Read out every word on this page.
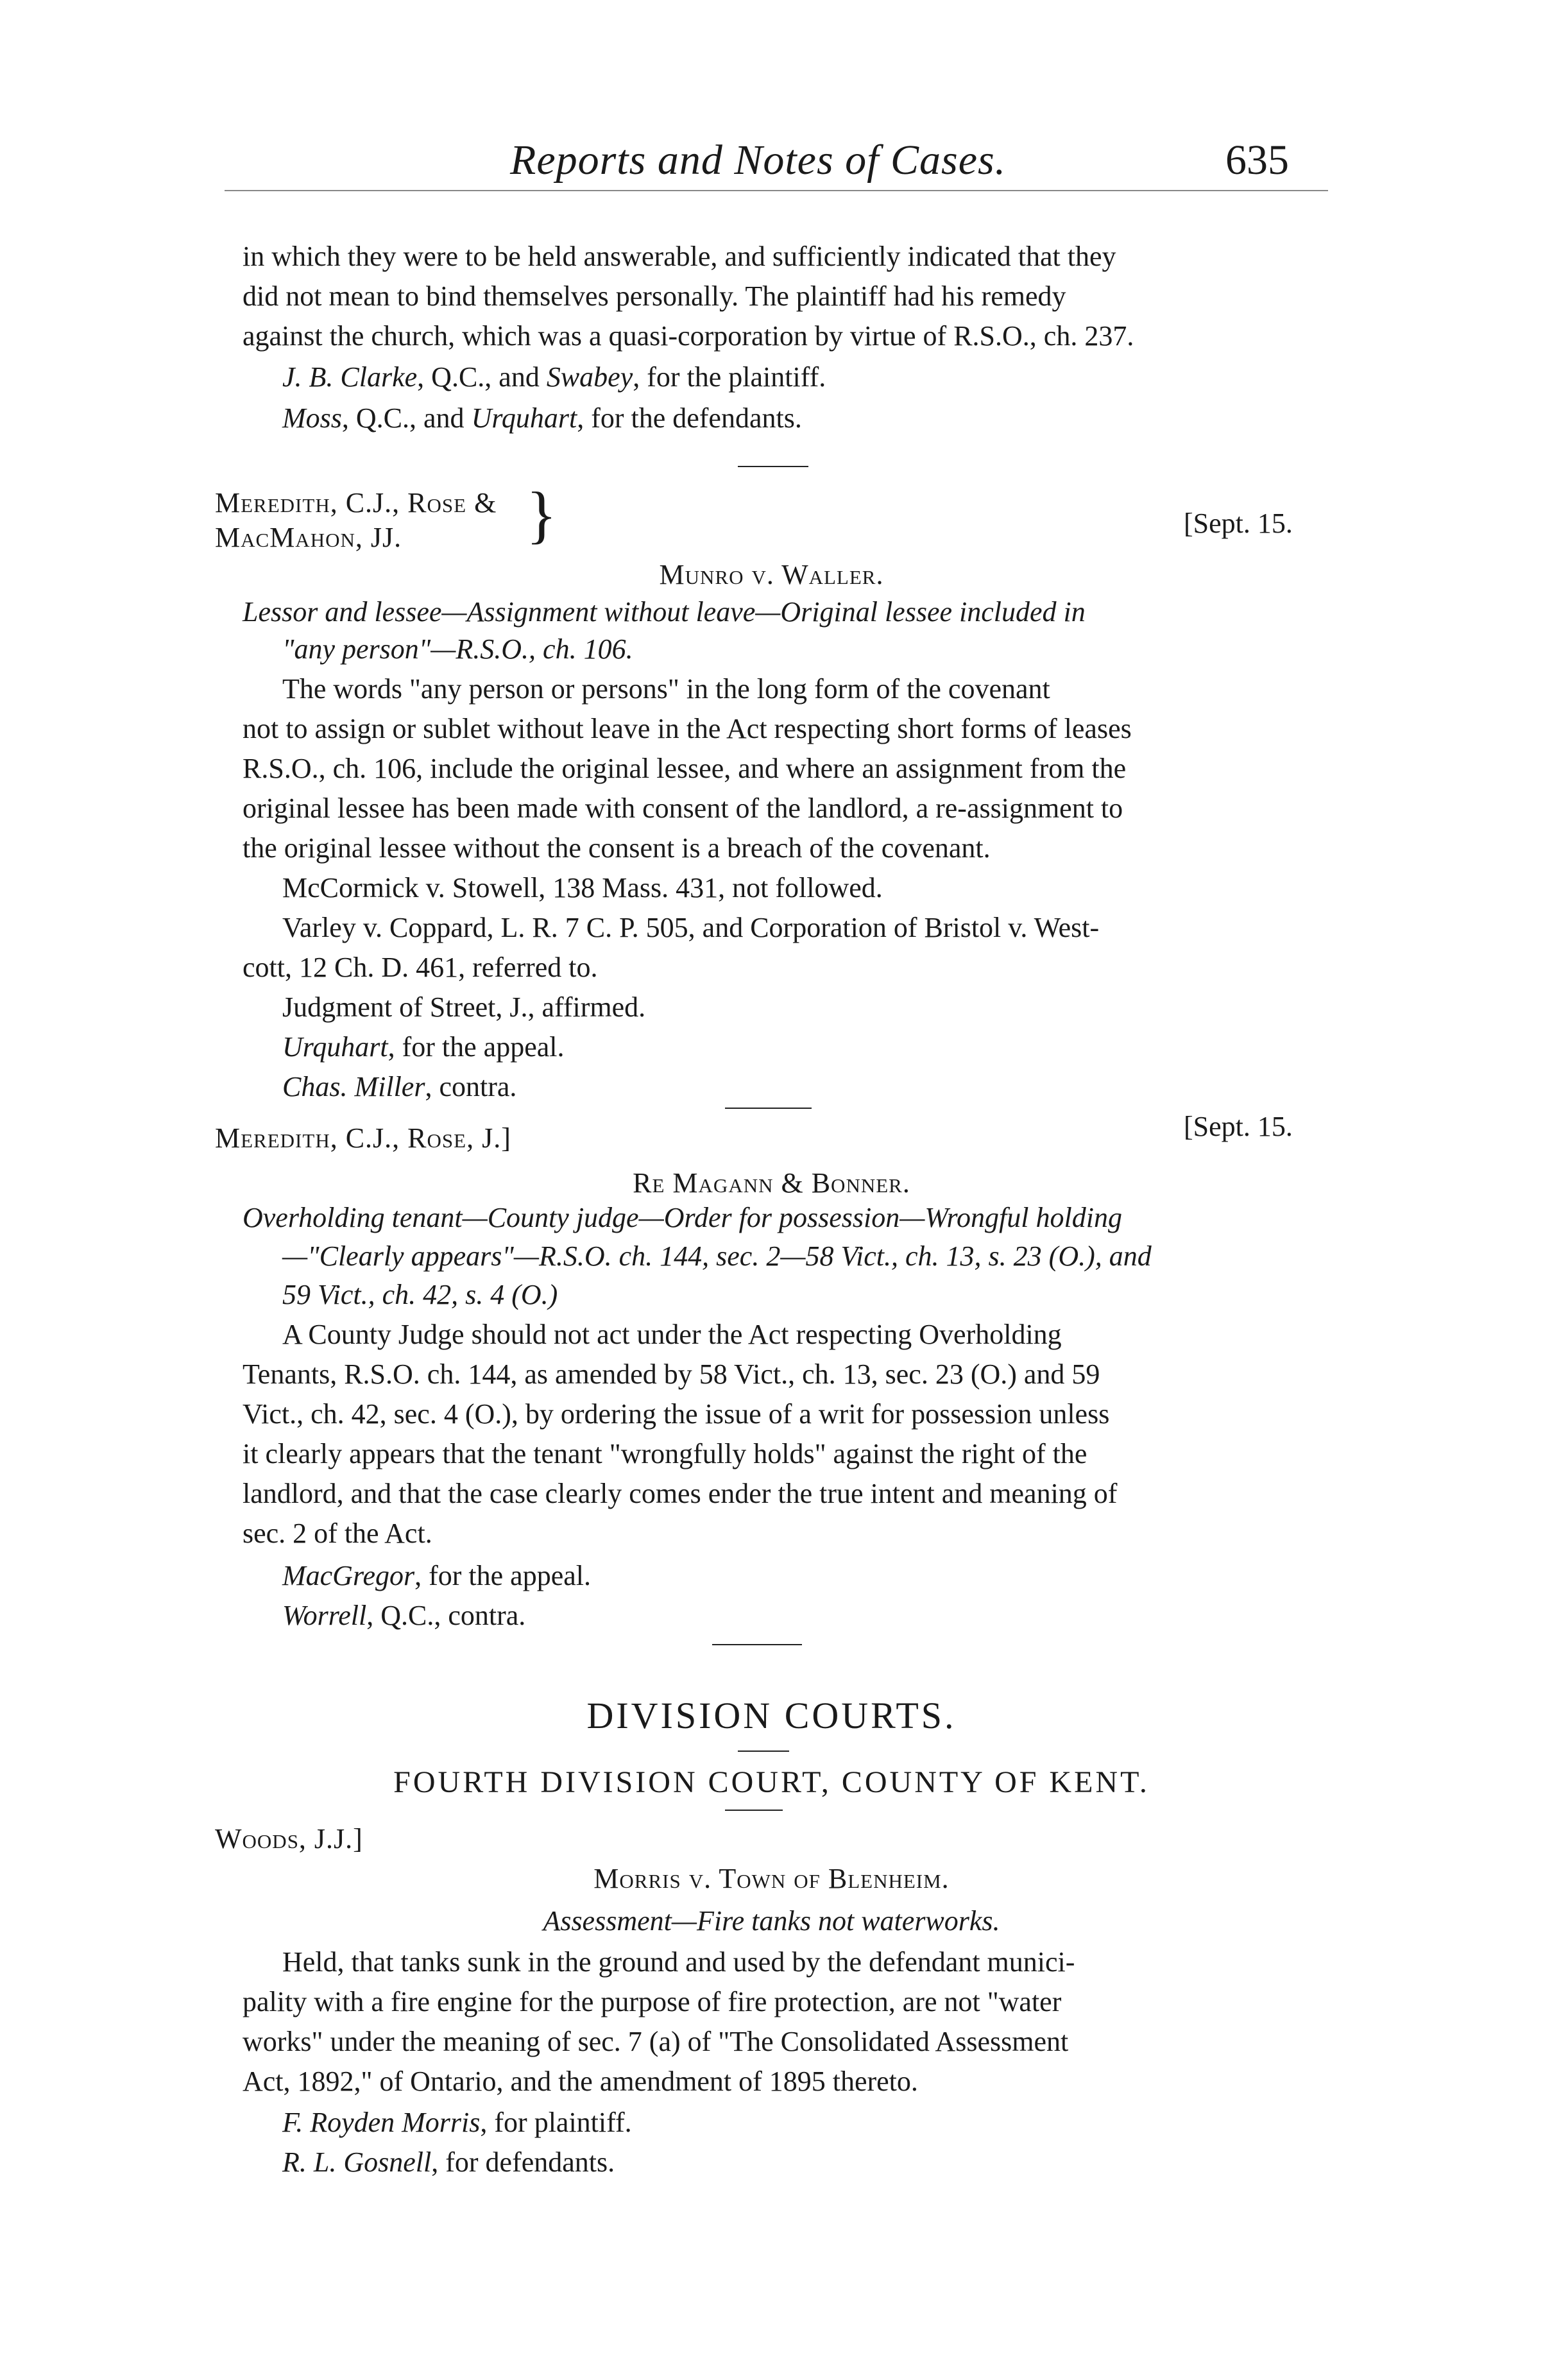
Reports and Notes of Cases.	635
in which they were to be held answerable, and sufficiently indicated that they
did not mean to bind themselves personally. The plaintiff had his remedy
against the church, which was a quasi-corporation by virtue of R.S.O., ch. 237.
J. B. Clarke, Q.C., and Swabey, for the plaintiff.
Moss, Q.C., and Urquhart, for the defendants.
Meredith, C.J., Rose &
MacMahon, JJ. }	[Sept. 15.
Munro v. Waller.
Lessor and lessee—Assignment without leave—Original lessee included in
"any person"—R.S.O., ch. 106.
The words "any person or persons" in the long form of the covenant
not to assign or sublet without leave in the Act respecting short forms of leases
R.S.O., ch. 106, include the original lessee, and where an assignment from the
original lessee has been made with consent of the landlord, a re-assignment to
the original lessee without the consent is a breach of the covenant.
McCormick v. Stowell, 138 Mass. 431, not followed.
Varley v. Coppard, L. R. 7 C. P. 505, and Corporation of Bristol v. West-
cott, 12 Ch. D. 461, referred to.
Judgment of Street, J., affirmed.
Urquhart, for the appeal.
Chas. Miller, contra.
Meredith, C.J., Rose, J.]	[Sept. 15.
Re Magann & Bonner.
Overholding tenant—County judge—Order for possession—Wrongful holding
—"Clearly appears"—R.S.O. ch. 144, sec. 2—58 Vict., ch. 13, s. 23 (O.), and
59 Vict., ch. 42, s. 4 (O.)
A County Judge should not act under the Act respecting Overholding
Tenants, R.S.O. ch. 144, as amended by 58 Vict., ch. 13, sec. 23 (O.) and 59
Vict., ch. 42, sec. 4 (O.), by ordering the issue of a writ for possession unless
it clearly appears that the tenant "wrongfully holds" against the right of the
landlord, and that the case clearly comes ender the true intent and meaning of
sec. 2 of the Act.
MacGregor, for the appeal.
Worrell, Q.C., contra.
DIVISION COURTS.
FOURTH DIVISION COURT, COUNTY OF KENT.
Woods, J.J.]
Morris v. Town of Blenheim.
Assessment—Fire tanks not waterworks.
Held, that tanks sunk in the ground and used by the defendant munici-
pality with a fire engine for the purpose of fire protection, are not "water
works" under the meaning of sec. 7 (a) of "The Consolidated Assessment
Act, 1892," of Ontario, and the amendment of 1895 thereto.
F. Royden Morris, for plaintiff.
R. L. Gosnell, for defendants.
